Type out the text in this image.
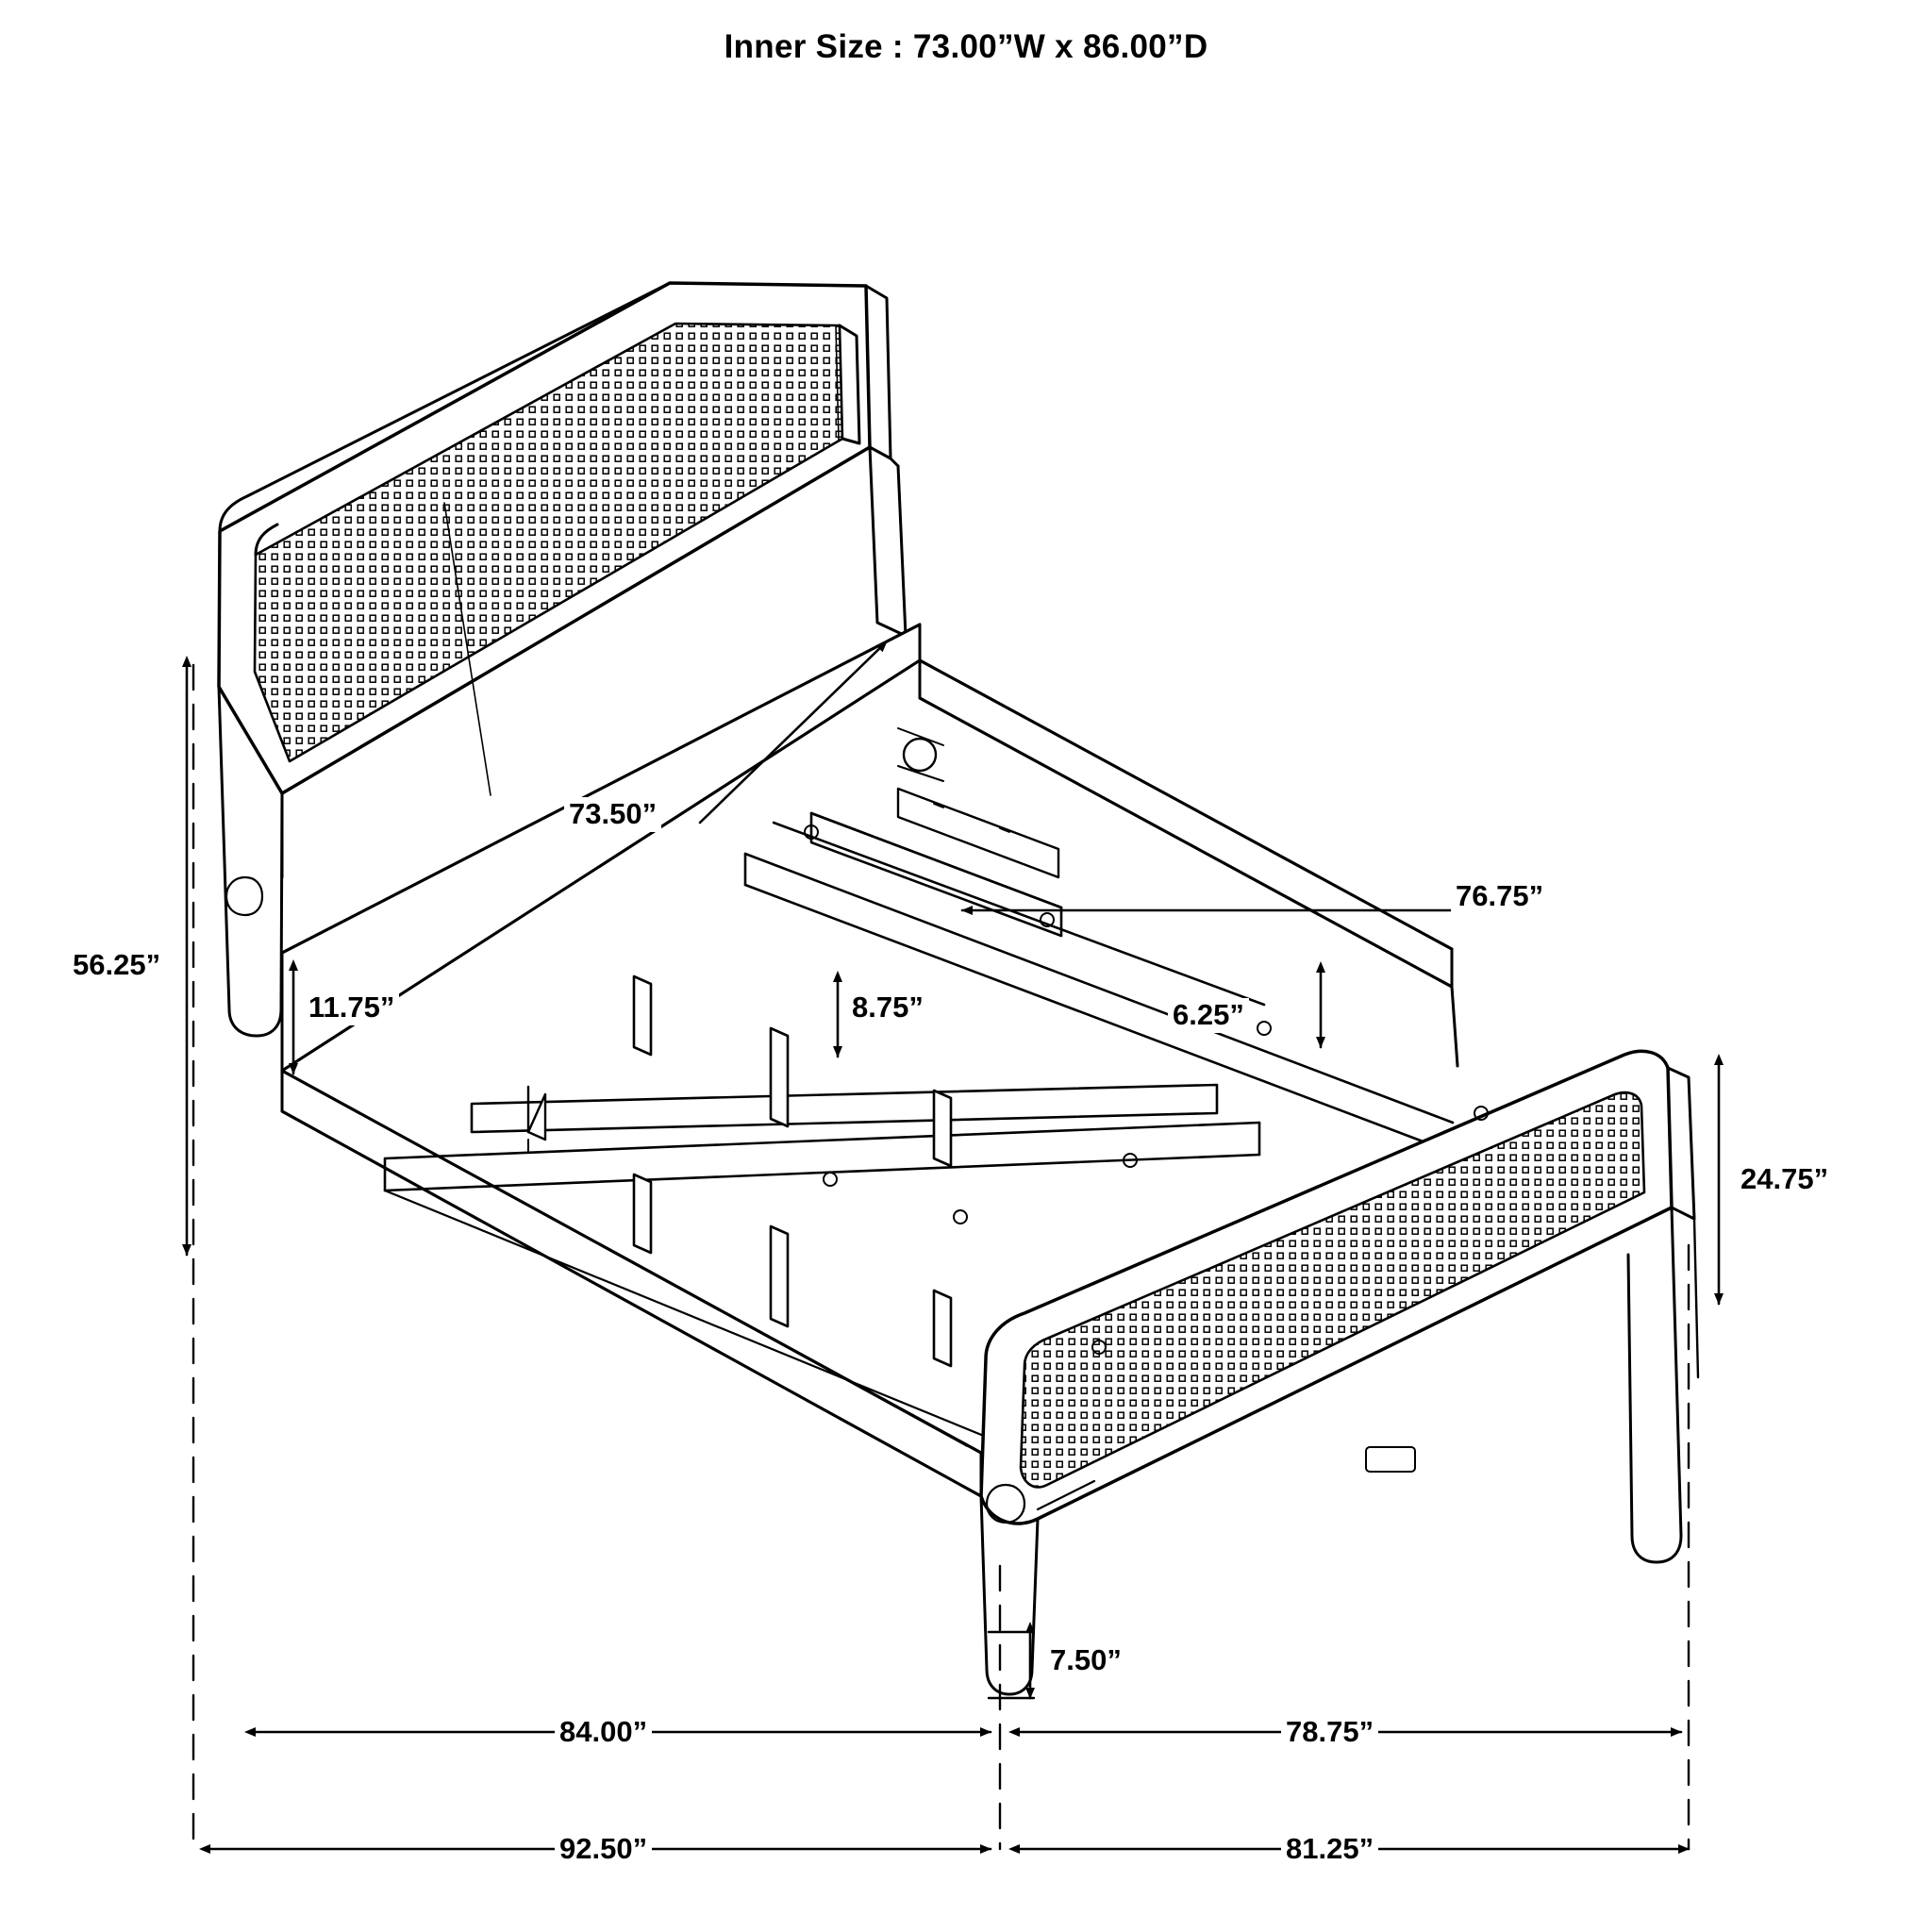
Inner Size : 73.00”W x 86.00”D
56.25”
73.50”
76.75”
11.75”	8.75”	6.25”
24.75”
7.50”
84.00”	78.75”
92.50”	81.25”
